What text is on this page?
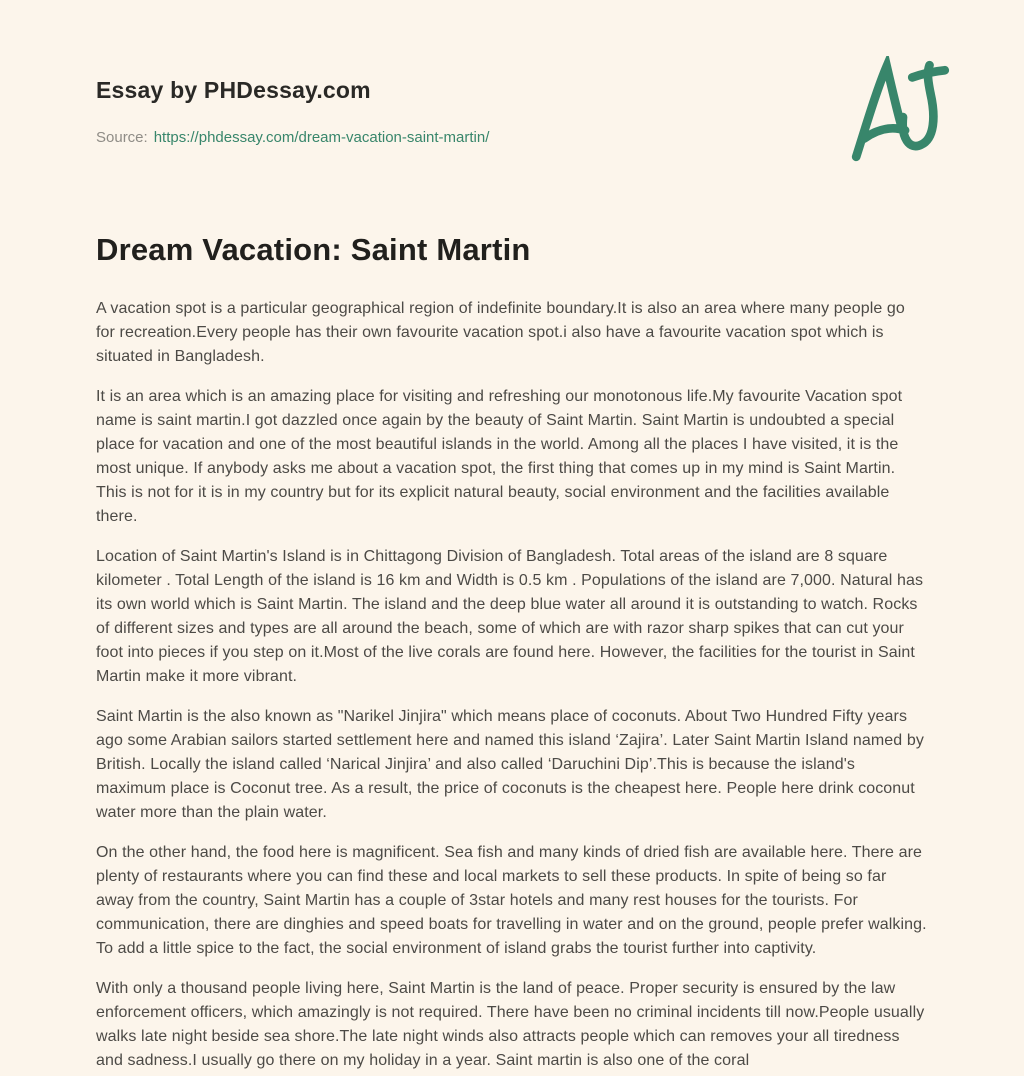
Essay by PHDessay.com
Source: https://phdessay.com/dream-vacation-saint-martin/
Dream Vacation: Saint Martin

A vacation spot is a particular geographical region of indefinite boundary.It is also an area where many people go for recreation.Every people has their own favourite vacation spot.i also have a favourite vacation spot which is situated in Bangladesh.

It is an area which is an amazing place for visiting and refreshing our monotonous life.My favourite Vacation spot name is saint martin.I got dazzled once again by the beauty of Saint Martin. Saint Martin is undoubted a special place for vacation and one of the most beautiful islands in the world. Among all the places I have visited, it is the most unique. If anybody asks me about a vacation spot, the first thing that comes up in my mind is Saint Martin. This is not for it is in my country but for its explicit natural beauty, social environment and the facilities available there.

Location of Saint Martin's Island is in Chittagong Division of Bangladesh. Total areas of the island are 8 square kilometer . Total Length of the island is 16 km and Width is 0.5 km . Populations of the island are 7,000. Natural has its own world which is Saint Martin. The island and the deep blue water all around it is outstanding to watch. Rocks of different sizes and types are all around the beach, some of which are with razor sharp spikes that can cut your foot into pieces if you step on it.Most of the live corals are found here. However, the facilities for the tourist in Saint Martin make it more vibrant.

Saint Martin is the also known as "Narikel Jinjira" which means place of coconuts. About Two Hundred Fifty years ago some Arabian sailors started settlement here and named this island ‘Zajira’. Later Saint Martin Island named by British. Locally the island called ‘Narical Jinjira’ and also called ‘Daruchini Dip’.This is because the island's maximum place is Coconut tree. As a result, the price of coconuts is the cheapest here. People here drink coconut water more than the plain water.

On the other hand, the food here is magnificent. Sea fish and many kinds of dried fish are available here. There are plenty of restaurants where you can find these and local markets to sell these products. In spite of being so far away from the country, Saint Martin has a couple of 3star hotels and many rest houses for the tourists. For communication, there are dinghies and speed boats for travelling in water and on the ground, people prefer walking. To add a little spice to the fact, the social environment of island grabs the tourist further into captivity.

With only a thousand people living here, Saint Martin is the land of peace. Proper security is ensured by the law enforcement officers, which amazingly is not required. There have been no criminal incidents till now.People usually walks late night beside sea shore.The late night winds also attracts people which can removes your all tiredness and sadness.I usually go there on my holiday in a year. Saint martin is also one of the coral
